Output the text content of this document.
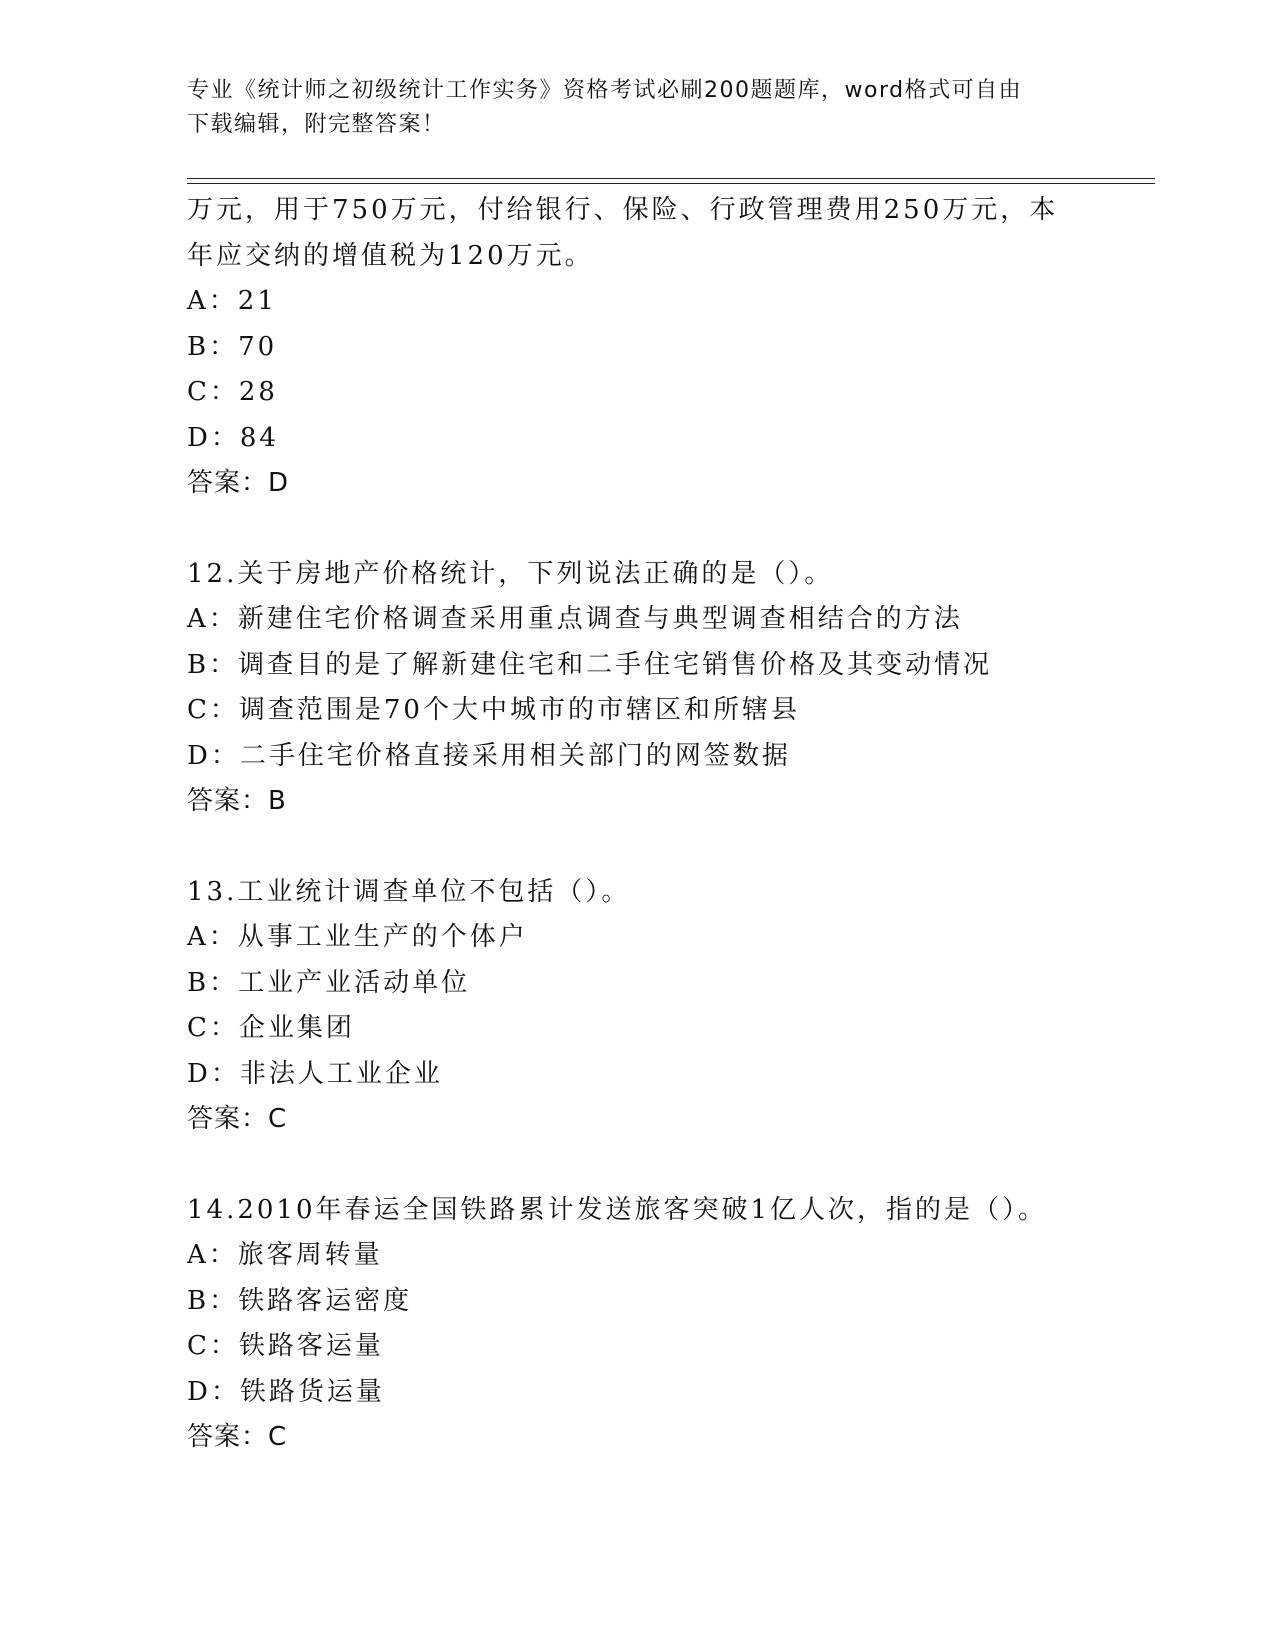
专业《统计师之初级统计工作实务》资格考试必刷200题题库，word格式可自由
下载编辑，附完整答案！
万元，用于750万元，付给银行、保险、行政管理费用250万元，本
年应交纳的增值税为120万元。
A：21
B：70
C：28
D：84
答案：D
12.关于房地产价格统计，下列说法正确的是（）。
A：新建住宅价格调查采用重点调查与典型调查相结合的方法
B：调查目的是了解新建住宅和二手住宅销售价格及其变动情况
C：调查范围是70个大中城市的市辖区和所辖县
D：二手住宅价格直接采用相关部门的网签数据
答案：B
13.工业统计调查单位不包括（）。
A：从事工业生产的个体户
B：工业产业活动单位
C：企业集团
D：非法人工业企业
答案：C
14.2010年春运全国铁路累计发送旅客突破1亿人次，指的是（）。
A：旅客周转量
B：铁路客运密度
C：铁路客运量
D：铁路货运量
答案：C
